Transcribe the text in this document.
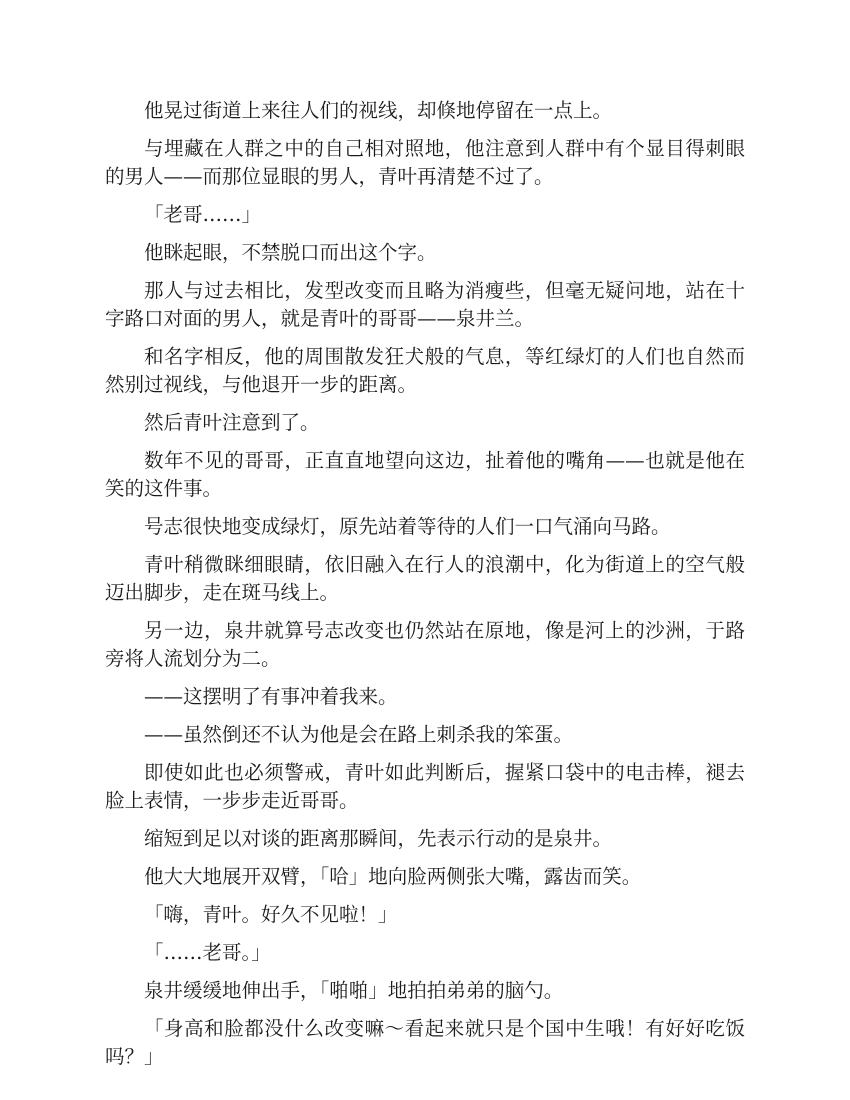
他晃过街道上来往人们的视线，却倏地停留在一点上。

与埋藏在人群之中的自己相对照地，他注意到人群中有个显目得刺眼的男人——而那位显眼的男人，青叶再清楚不过了。

「老哥……」

他眯起眼，不禁脱口而出这个字。

那人与过去相比，发型改变而且略为消瘦些，但毫无疑问地，站在十字路口对面的男人，就是青叶的哥哥——泉井兰。

和名字相反，他的周围散发狂犬般的气息，等红绿灯的人们也自然而然别过视线，与他退开一步的距离。

然后青叶注意到了。

数年不见的哥哥，正直直地望向这边，扯着他的嘴角——也就是他在笑的这件事。

号志很快地变成绿灯，原先站着等待的人们一口气涌向马路。

青叶稍微眯细眼睛，依旧融入在行人的浪潮中，化为街道上的空气般迈出脚步，走在斑马线上。

另一边，泉井就算号志改变也仍然站在原地，像是河上的沙洲，于路旁将人流划分为二。

——这摆明了有事冲着我来。

——虽然倒还不认为他是会在路上刺杀我的笨蛋。

即使如此也必须警戒，青叶如此判断后，握紧口袋中的电击棒，褪去脸上表情，一步步走近哥哥。

缩短到足以对谈的距离那瞬间，先表示行动的是泉井。

他大大地展开双臂，「哈」地向脸两侧张大嘴，露齿而笑。

「嗨，青叶。好久不见啦！」

「……老哥。」

泉井缓缓地伸出手，「啪啪」地拍拍弟弟的脑勺。

「身高和脸都没什么改变嘛～看起来就只是个国中生哦！有好好吃饭吗？」
